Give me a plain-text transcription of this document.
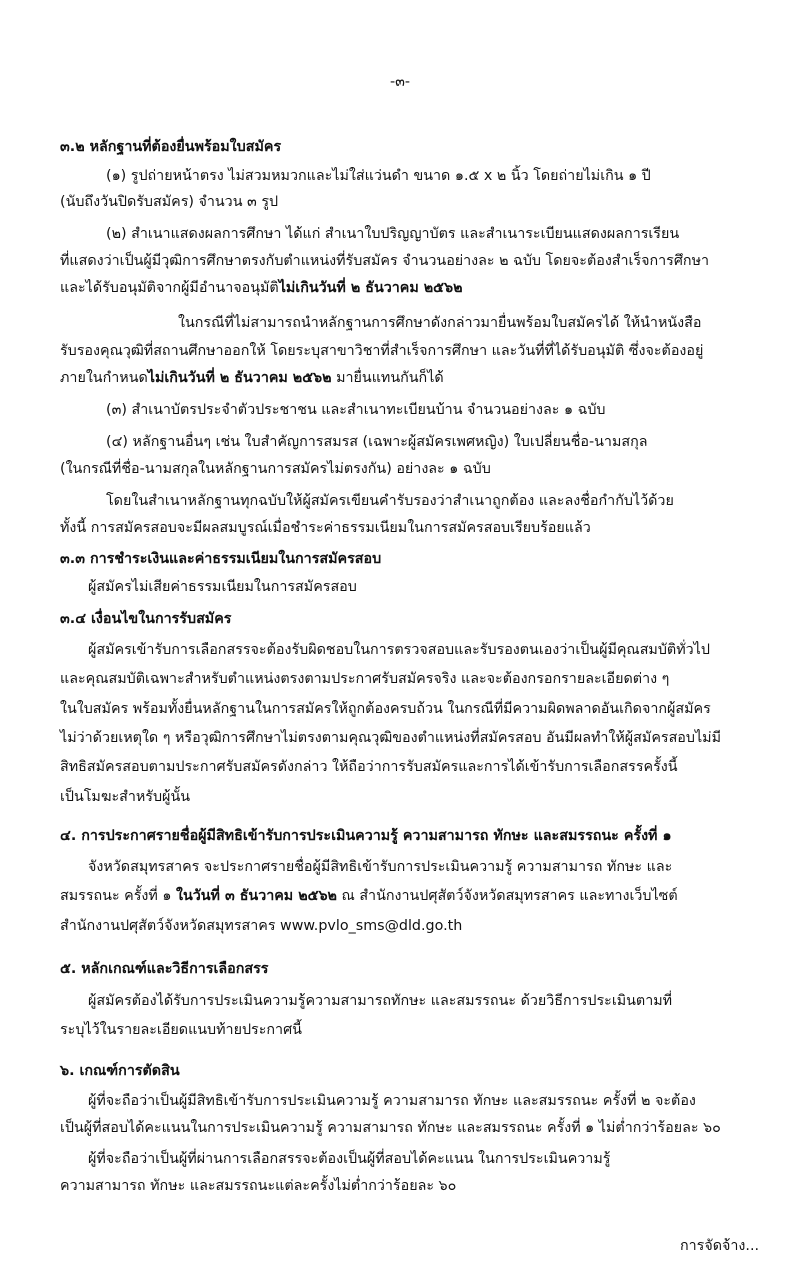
-๓-
๓.๒ หลักฐานที่ต้องยื่นพร้อมใบสมัคร
(๑) รูปถ่ายหน้าตรง ไม่สวมหมวกและไม่ใส่แว่นดำ ขนาด ๑.๕ x ๒ นิ้ว โดยถ่ายไม่เกิน ๑ ปี
(นับถึงวันปิดรับสมัคร) จำนวน ๓ รูป
(๒) สำเนาแสดงผลการศึกษา ได้แก่ สำเนาใบปริญญาบัตร และสำเนาระเบียนแสดงผลการเรียน
ที่แสดงว่าเป็นผู้มีวุฒิการศึกษาตรงกับตำแหน่งที่รับสมัคร จำนวนอย่างละ ๒ ฉบับ โดยจะต้องสำเร็จการศึกษา
และได้รับอนุมัติจากผู้มีอำนาจอนุมัติไม่เกินวันที่ ๒ ธันวาคม ๒๕๖๒
ในกรณีที่ไม่สามารถนำหลักฐานการศึกษาดังกล่าวมายื่นพร้อมใบสมัครได้ ให้นำหนังสือ
รับรองคุณวุฒิที่สถานศึกษาออกให้ โดยระบุสาขาวิชาที่สำเร็จการศึกษา และวันที่ที่ได้รับอนุมัติ ซึ่งจะต้องอยู่
ภายในกำหนดไม่เกินวันที่ ๒ ธันวาคม ๒๕๖๒ มายื่นแทนกันก็ได้
(๓) สำเนาบัตรประจำตัวประชาชน และสำเนาทะเบียนบ้าน จำนวนอย่างละ ๑ ฉบับ
(๔) หลักฐานอื่นๆ เช่น ใบสำคัญการสมรส (เฉพาะผู้สมัครเพศหญิง) ใบเปลี่ยนชื่อ-นามสกุล
(ในกรณีที่ชื่อ-นามสกุลในหลักฐานการสมัครไม่ตรงกัน) อย่างละ ๑ ฉบับ
โดยในสำเนาหลักฐานทุกฉบับให้ผู้สมัครเขียนคำรับรองว่าสำเนาถูกต้อง และลงชื่อกำกับไว้ด้วย
ทั้งนี้ การสมัครสอบจะมีผลสมบูรณ์เมื่อชำระค่าธรรมเนียมในการสมัครสอบเรียบร้อยแล้ว
๓.๓ การชำระเงินและค่าธรรมเนียมในการสมัครสอบ
ผู้สมัครไม่เสียค่าธรรมเนียมในการสมัครสอบ
๓.๔ เงื่อนไขในการรับสมัคร
ผู้สมัครเข้ารับการเลือกสรรจะต้องรับผิดชอบในการตรวจสอบและรับรองตนเองว่าเป็นผู้มีคุณสมบัติทั่วไป
และคุณสมบัติเฉพาะสำหรับตำแหน่งตรงตามประกาศรับสมัครจริง และจะต้องกรอกรายละเอียดต่าง ๆ
ในใบสมัคร พร้อมทั้งยื่นหลักฐานในการสมัครให้ถูกต้องครบถ้วน ในกรณีที่มีความผิดพลาดอันเกิดจากผู้สมัคร
ไม่ว่าด้วยเหตุใด ๆ หรือวุฒิการศึกษาไม่ตรงตามคุณวุฒิของตำแหน่งที่สมัครสอบ อันมีผลทำให้ผู้สมัครสอบไม่มี
สิทธิสมัครสอบตามประกาศรับสมัครดังกล่าว ให้ถือว่าการรับสมัครและการได้เข้ารับการเลือกสรรครั้งนี้
เป็นโมฆะสำหรับผู้นั้น
๔. การประกาศรายชื่อผู้มีสิทธิเข้ารับการประเมินความรู้ ความสามารถ ทักษะ และสมรรถนะ ครั้งที่ ๑
จังหวัดสมุทรสาคร จะประกาศรายชื่อผู้มีสิทธิเข้ารับการประเมินความรู้ ความสามารถ ทักษะ และ
สมรรถนะ ครั้งที่ ๑ ในวันที่ ๓ ธันวาคม ๒๕๖๒ ณ สำนักงานปศุสัตว์จังหวัดสมุทรสาคร และทางเว็บไซต์
สำนักงานปศุสัตว์จังหวัดสมุทรสาคร www.pvlo_sms@dld.go.th
๕. หลักเกณฑ์และวิธีการเลือกสรร
ผู้สมัครต้องได้รับการประเมินความรู้ความสามารถทักษะ และสมรรถนะ ด้วยวิธีการประเมินตามที่
ระบุไว้ในรายละเอียดแนบท้ายประกาศนี้
๖. เกณฑ์การตัดสิน
ผู้ที่จะถือว่าเป็นผู้มีสิทธิเข้ารับการประเมินความรู้ ความสามารถ ทักษะ และสมรรถนะ ครั้งที่ ๒ จะต้อง
เป็นผู้ที่สอบได้คะแนนในการประเมินความรู้ ความสามารถ ทักษะ และสมรรถนะ ครั้งที่ ๑ ไม่ต่ำกว่าร้อยละ ๖๐
ผู้ที่จะถือว่าเป็นผู้ที่ผ่านการเลือกสรรจะต้องเป็นผู้ที่สอบได้คะแนน ในการประเมินความรู้
ความสามารถ ทักษะ และสมรรถนะแต่ละครั้งไม่ต่ำกว่าร้อยละ ๖๐
การจัดจ้าง...
